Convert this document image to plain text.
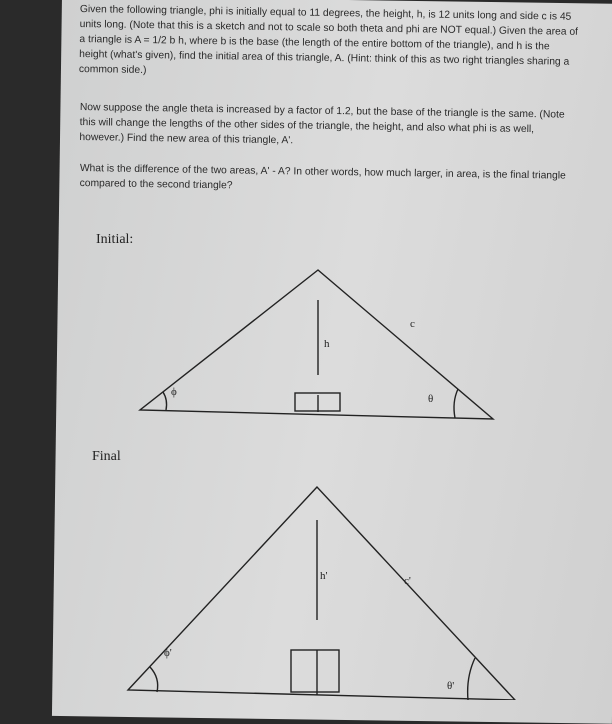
Given the following triangle, phi is initially equal to 11 degrees, the height, h, is 12 units long and side c is 45 units long. (Note that this is a sketch and not to scale so both theta and phi are NOT equal.) Given the area of a triangle is A = 1/2 b h, where b is the base (the length of the entire bottom of the triangle), and h is the height (what's given), find the initial area of this triangle, A. (Hint: think of this as two right triangles sharing a common side.)
Now suppose the angle theta is increased by a factor of 1.2, but the base of the triangle is the same. (Note this will change the lengths of the other sides of the triangle, the height, and also what phi is as well, however.) Find the new area of this triangle, A'.
What is the difference of the two areas, A' - A? In other words, how much larger, in area, is the final triangle compared to the second triangle?
Initial:
h
c
ϕ
θ
Final
h'	c'
ϕ'
θ'
